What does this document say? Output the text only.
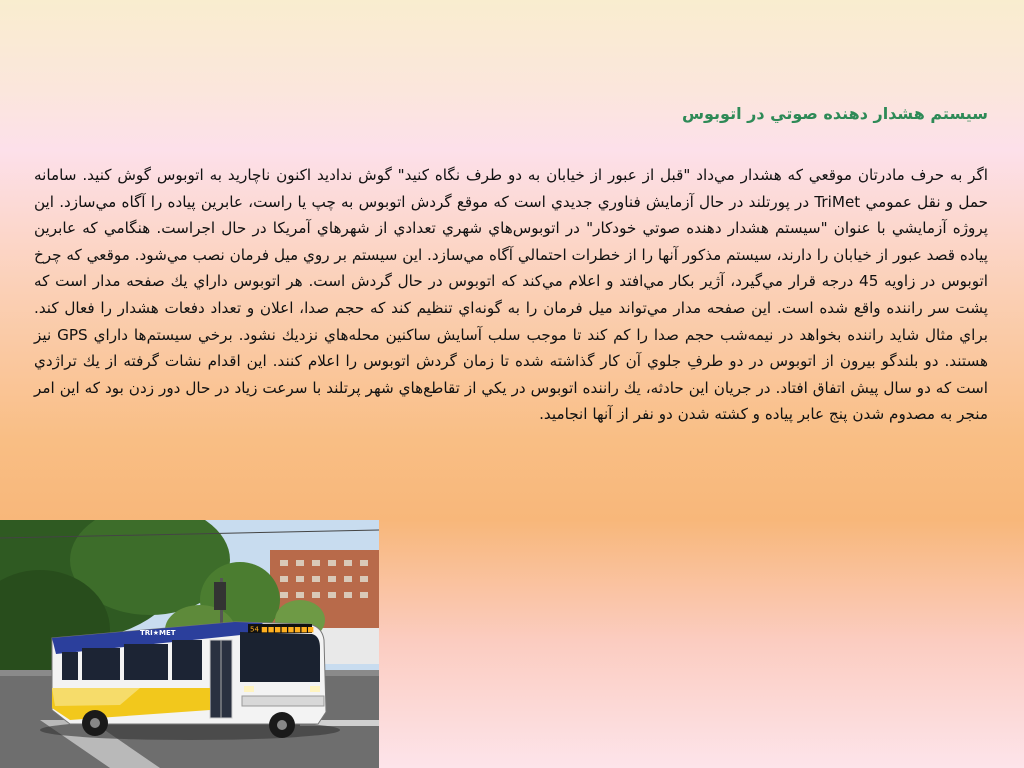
سيستم هشدار دهنده صوتي در اتوبوس
اگر به حرف مادرتان موقعي كه هشدار مي‌داد "قبل از عبور از خيابان به دو طرف نگاه كنيد" گوش نداديد اكنون ناچاريد به اتوبوس گوش كنيد. سامانه حمل و نقل عمومي TriMet در پورتلند در حال آزمايش فناوري جديدي است كه موقع گردش اتوبوس به چپ يا راست، عابرين پياده را آگاه مي‌سازد. اين پروژه آزمايشي با عنوان "سيستم هشدار دهنده صوتي خودكار" در اتوبوس‌هاي شهري تعدادي از شهرهاي آمريكا در حال اجراست. هنگامي كه عابرين پياده قصد عبور از خيابان را دارند، سيستم مذكور آنها را از خطرات احتمالي آگاه مي‌سازد. اين سيستم بر روي ميل فرمان نصب مي‌شود. موقعي كه چرخ اتوبوس در زاويه 45 درجه قرار مي‌گيرد، آژير بكار مي‌افتد و اعلام مي‌كند كه اتوبوس در حال گردش است. هر اتوبوس داراي يك صفحه مدار است كه پشت سر راننده واقع شده است. اين صفحه مدار مي‌تواند ميل فرمان را به گونه‌اي تنظيم كند كه حجم صدا، اعلان و تعداد دفعات هشدار را فعال كند. براي مثال شايد راننده بخواهد در نيمه‌شب حجم صدا را كم كند تا موجب سلب آسايش ساكنين محله‌هاي نزديك نشود. برخي سيستم‌ها داراي GPS نيز هستند. دو بلندگو بيرون از اتوبوس در دو طرفِ جلوي آن كار گذاشته شده تا زمان گردش اتوبوس را اعلام كنند. اين اقدام نشات گرفته از يك تراژدي است كه دو سال پيش اتفاق افتاد. در جريان اين حادثه، يك راننده اتوبوس در يكي از تقاطع‌هاي شهر پرتلند با سرعت زياد در حال دور زدن بود كه اين امر منجر به مصدوم شدن پنج عابر پياده و كشته شدن دو نفر از آنها انجاميد.
54 ■■■■■■■■
TRI★MET
